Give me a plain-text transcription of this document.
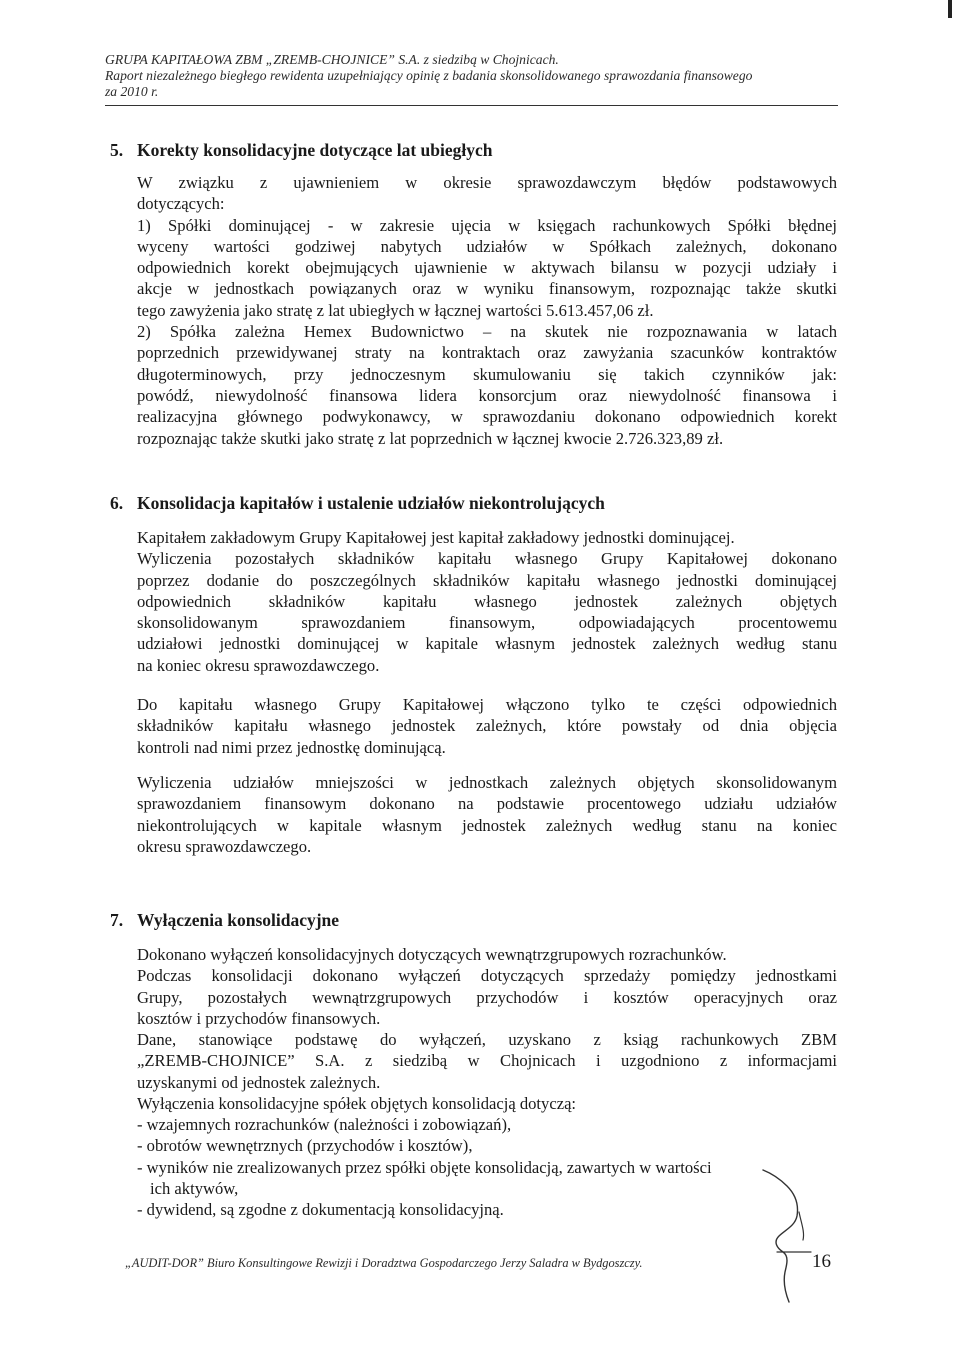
GRUPA KAPITAŁOWA ZBM „ZREMB-CHOJNICE” S.A. z siedzibą w Chojnicach.
Raport niezależnego biegłego rewidenta uzupełniający opinię z badania skonsolidowanego sprawozdania finansowego
za 2010 r.
5. Korekty konsolidacyjne dotyczące lat ubiegłych
W związku z ujawnieniem w okresie sprawozdawczym błędów podstawowych
dotyczących:
1) Spółki dominującej - w zakresie ujęcia w księgach rachunkowych Spółki błędnej
wyceny wartości godziwej nabytych udziałów w Spółkach zależnych, dokonano
odpowiednich korekt obejmujących ujawnienie w aktywach bilansu w pozycji udziały i
akcje w jednostkach powiązanych oraz w wyniku finansowym, rozpoznając także skutki
tego zawyżenia jako stratę z lat ubiegłych w łącznej wartości 5.613.457,06 zł.
2) Spółka zależna Hemex Budownictwo – na skutek nie rozpoznawania w latach
poprzednich przewidywanej straty na kontraktach oraz zawyżania szacunków kontraktów
długoterminowych, przy jednoczesnym skumulowaniu się takich czynników jak:
powódź, niewydolność finansowa lidera konsorcjum oraz niewydolność finansowa i
realizacyjna głównego podwykonawcy, w sprawozdaniu dokonano odpowiednich korekt
rozpoznając także skutki jako stratę z lat poprzednich w łącznej kwocie 2.726.323,89 zł.
6. Konsolidacja kapitałów i ustalenie udziałów niekontrolujących
Kapitałem zakładowym Grupy Kapitałowej jest kapitał zakładowy jednostki dominującej.
Wyliczenia pozostałych składników kapitału własnego Grupy Kapitałowej dokonano
poprzez dodanie do poszczególnych składników kapitału własnego jednostki dominującej
odpowiednich składników kapitału własnego jednostek zależnych objętych
skonsolidowanym sprawozdaniem finansowym, odpowiadających procentowemu
udziałowi jednostki dominującej w kapitale własnym jednostek zależnych według stanu
na koniec okresu sprawozdawczego.
Do kapitału własnego Grupy Kapitałowej włączono tylko te części odpowiednich
składników kapitału własnego jednostek zależnych, które powstały od dnia objęcia
kontroli nad nimi przez jednostkę dominującą.
Wyliczenia udziałów mniejszości w jednostkach zależnych objętych skonsolidowanym
sprawozdaniem finansowym dokonano na podstawie procentowego udziału udziałów
niekontrolujących w kapitale własnym jednostek zależnych według stanu na koniec
okresu sprawozdawczego.
7. Wyłączenia konsolidacyjne
Dokonano wyłączeń konsolidacyjnych dotyczących wewnątrzgrupowych rozrachunków.
Podczas konsolidacji dokonano wyłączeń dotyczących sprzedaży pomiędzy jednostkami
Grupy, pozostałych wewnątrzgrupowych przychodów i kosztów operacyjnych oraz
kosztów i przychodów finansowych.
Dane, stanowiące podstawę do wyłączeń, uzyskano z ksiąg rachunkowych ZBM
„ZREMB-CHOJNICE” S.A. z siedzibą w Chojnicach i uzgodniono z informacjami
uzyskanymi od jednostek zależnych.
Wyłączenia konsolidacyjne spółek objętych konsolidacją dotyczą:
- wzajemnych rozrachunków (należności i zobowiązań),
- obrotów wewnętrznych (przychodów i kosztów),
- wyników nie zrealizowanych przez spółki objęte konsolidacją, zawartych w wartości
ich aktywów,
- dywidend, są zgodne z dokumentacją konsolidacyjną.
„AUDIT-DOR” Biuro Konsultingowe Rewizji i Doradztwa Gospodarczego Jerzy Saladra w Bydgoszczy.	16
